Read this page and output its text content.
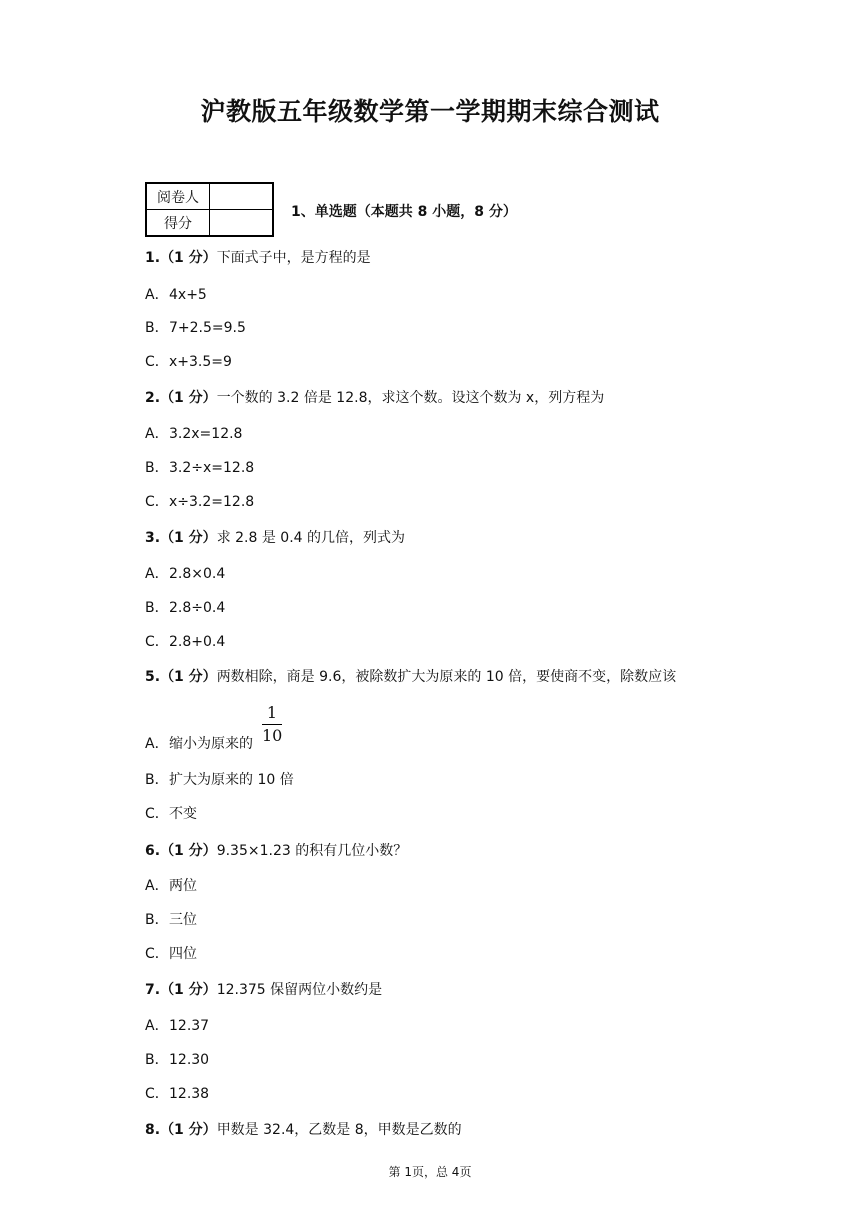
沪教版五年级数学第一学期期末综合测试
阅卷人	
得分	
1、单选题（本题共 8 小题，8 分）
1.（1 分）下面式子中，是方程的是
A．4x+5
B．7+2.5=9.5
C．x+3.5=9
2.（1 分）一个数的 3.2 倍是 12.8，求这个数。设这个数为 x，列方程为
A．3.2x=12.8
B．3.2÷x=12.8
C．x÷3.2=12.8
3.（1 分）求 2.8 是 0.4 的几倍，列式为
A．2.8×0.4
B．2.8÷0.4
C．2.8+0.4
5.（1 分）两数相除，商是 9.6，被除数扩大为原来的 10 倍，要使商不变，除数应该
A．缩小为原来的
1
10
B．扩大为原来的 10 倍
C．不变
6.（1 分）9.35×1.23 的积有几位小数？
A．两位
B．三位
C．四位
7.（1 分）12.375 保留两位小数约是
A．12.37
B．12.30
C．12.38
8.（1 分）甲数是 32.4，乙数是 8，甲数是乙数的
第 1页，总 4页
